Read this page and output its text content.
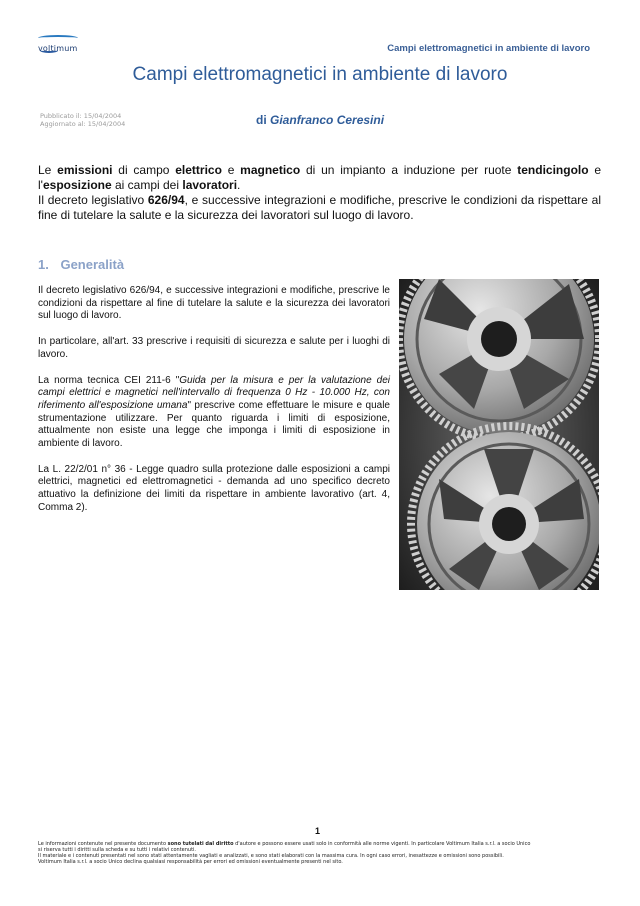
voltimum	Campi elettromagnetici in ambiente di lavoro
Campi elettromagnetici in ambiente di lavoro
Pubblicato il: 15/04/2004
Aggiornato al: 15/04/2004	di Gianfranco Ceresini

Le emissioni di campo elettrico e magnetico di un impianto a induzione per ruote tendicingolo e l'esposizione ai campi dei lavoratori.

Il decreto legislativo 626/94, e successive integrazioni e modifiche, prescrive le condizioni da rispettare al fine di tutelare la salute e la sicurezza dei lavoratori sul luogo di lavoro.

1. Generalità

Il decreto legislativo 626/94, e successive integrazioni e modifiche, prescrive le condizioni da rispettare al fine di tutelare la salute e la sicurezza dei lavoratori sul luogo di lavoro.

In particolare, all'art. 33 prescrive i requisiti di sicurezza e salute per i luoghi di lavoro.

La norma tecnica CEI 211-6 "Guida per la misura e per la valutazione dei campi elettrici e magnetici nell'intervallo di frequenza 0 Hz - 10.000 Hz, con riferimento all'esposizione umana" prescrive come effettuare le misure e quale strumentazione utilizzare. Per quanto riguarda i limiti di esposizione, attualmente non esiste una legge che imponga i limiti di esposizione in ambiente di lavoro.

La L. 22/2/01 n° 36 - Legge quadro sulla protezione dalle esposizioni a campi elettrici, magnetici ed elettromagnetici - demanda ad uno specifico decreto attuativo la definizione dei limiti da rispettare in ambiente lavorativo (art. 4, Comma 2).

1

Le informazioni contenute nel presente documento sono tutelati dal diritto d'autore e possono essere usati solo in conformità alle norme vigenti. In particolare Voltimum Italia s.r.l. a socio Unico

si riserva tutti i diritti sulla scheda e su tutti i relativi contenuti.

Il materiale e i contenuti presentati nel sono stati attentamente vagliati e analizzati, e sono stati elaborati con la massima cura. In ogni caso errori, inesattezze e omissioni sono possibili.

Voltimum Italia s.r.l. a socio Unico declina qualsiasi responsabilità per errori ed omissioni eventualmente presenti nel sito.
